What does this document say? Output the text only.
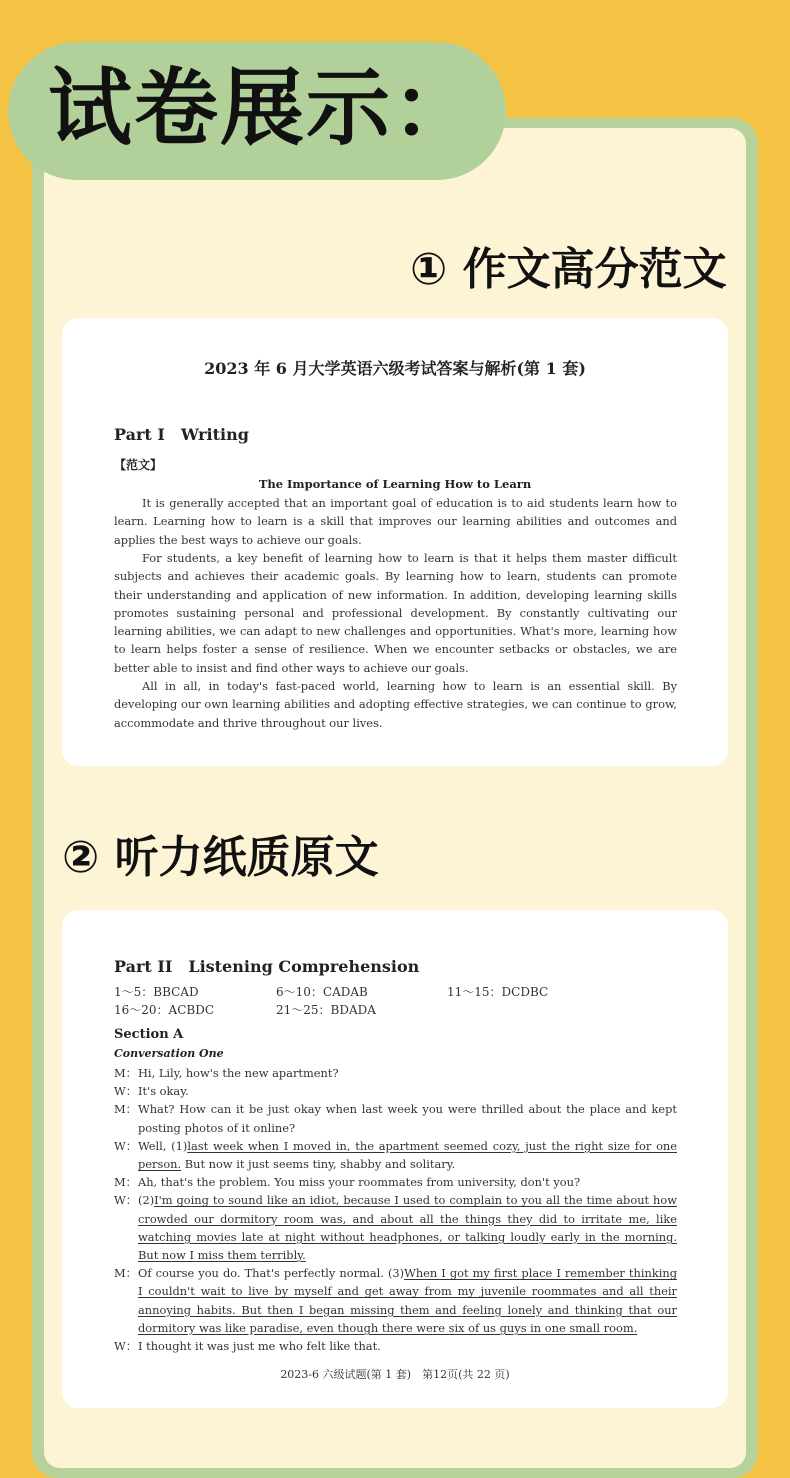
试卷展示：
① 作文高分范文
2023 年 6 月大学英语六级考试答案与解析(第 1 套)
Part I　Writing
【范文】
The Importance of Learning How to Learn

It is generally accepted that an important goal of education is to aid students learn how to learn. Learning how to learn is a skill that improves our learning abilities and outcomes and applies the best ways to achieve our goals.

For students, a key benefit of learning how to learn is that it helps them master difficult subjects and achieves their academic goals. By learning how to learn, students can promote their understanding and application of new information. In addition, developing learning skills promotes sustaining personal and professional development. By constantly cultivating our learning abilities, we can adapt to new challenges and opportunities. What's more, learning how to learn helps foster a sense of resilience. When we encounter setbacks or obstacles, we are better able to insist and find other ways to achieve our goals.

All in all, in today's fast-paced world, learning how to learn is an essential skill. By developing our own learning abilities and adopting effective strategies, we can continue to grow, accommodate and thrive throughout our lives.

② 听力纸质原文
Part II　Listening Comprehension
1～5：BBCAD	6～10：CADAB	11～15：DCDBC
16～20：ACBDC	21～25：BDADA
Section A
Conversation One
M： Hi, Lily, how's the new apartment?
W： It's okay.
M： What? How can it be just okay when last week you were thrilled about the place and kept posting photos of it online?
W： Well, (1)last week when I moved in, the apartment seemed cozy, just the right size for one person. But now it just seems tiny, shabby and solitary.
M： Ah, that's the problem. You miss your roommates from university, don't you?
W： (2)I'm going to sound like an idiot, because I used to complain to you all the time about how crowded our dormitory room was, and about all the things they did to irritate me, like watching movies late at night without headphones, or talking loudly early in the morning. But now I miss them terribly.
M： Of course you do. That's perfectly normal. (3)When I got my first place I remember thinking I couldn't wait to live by myself and get away from my juvenile roommates and all their annoying habits. But then I began missing them and feeling lonely and thinking that our dormitory was like paradise, even though there were six of us guys in one small room.
W： I thought it was just me who felt like that.
2023-6 六级试题(第 1 套)　第12页(共 22 页)
